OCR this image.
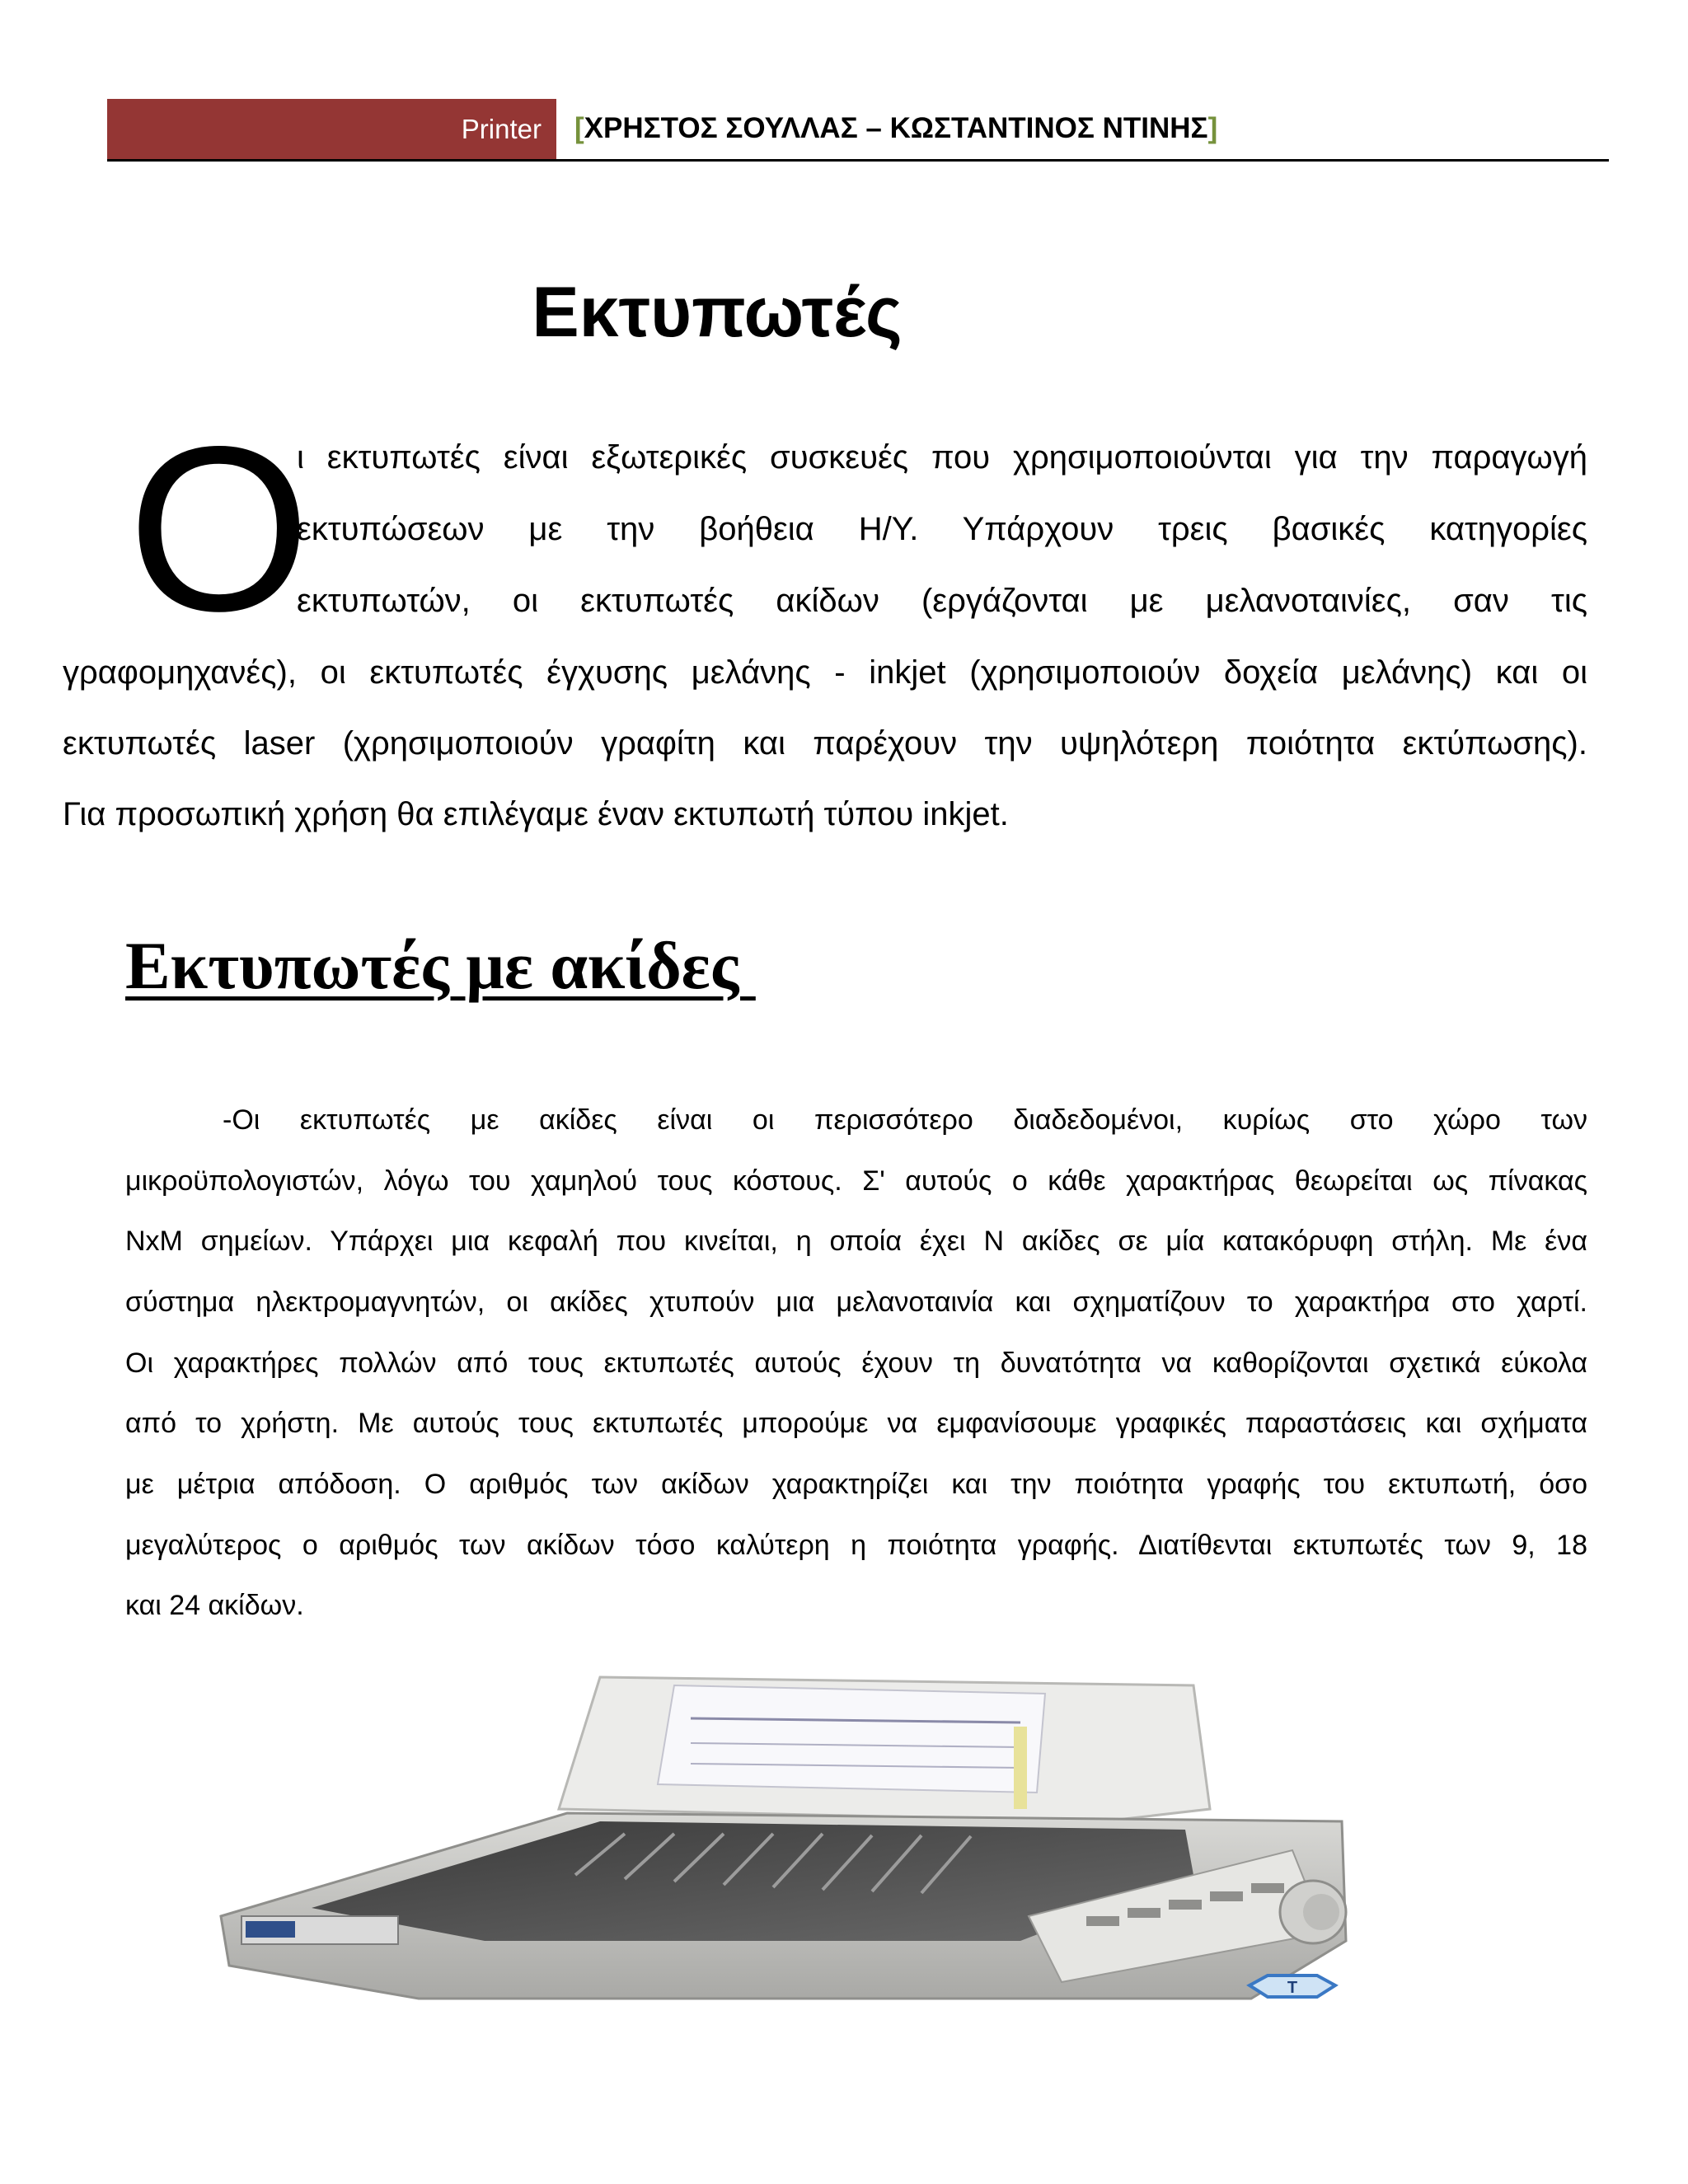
Printer	[ΧΡΗΣΤΟΣ ΣΟΥΛΛΑΣ – ΚΩΣΤΑΝΤΙΝΟΣ ΝΤΙΝΗΣ]
Εκτυπωτές
Ο
ι εκτυπωτές είναι εξωτερικές συσκευές που χρησιμοποιούνται για την παραγωγή
εκτυπώσεων με την βοήθεια Η/Υ. Υπάρχουν τρεις βασικές κατηγορίες
εκτυπωτών, οι εκτυπωτές ακίδων (εργάζονται με μελανοταινίες, σαν τις
γραφομηχανές), οι εκτυπωτές έγχυσης μελάνης - inkjet (χρησιμοποιούν δοχεία μελάνης) και οι
εκτυπωτές laser (χρησιμοποιούν γραφίτη και παρέχουν την υψηλότερη ποιότητα εκτύπωσης).
Για προσωπική χρήση θα επιλέγαμε έναν εκτυπωτή τύπου inkjet.
Εκτυπωτές με ακίδες
-Οι εκτυπωτές με ακίδες είναι οι περισσότερο διαδεδομένοι, κυρίως στο χώρο των
μικροϋπολογιστών, λόγω του χαμηλού τους κόστους. Σ' αυτούς ο κάθε χαρακτήρας θεωρείται ως πίνακας
NxM σημείων. Υπάρχει μια κεφαλή που κινείται, η οποία έχει Ν ακίδες σε μία κατακόρυφη στήλη. Με ένα
σύστημα ηλεκτρομαγνητών, οι ακίδες χτυπούν μια μελανοταινία και σχηματίζουν το χαρακτήρα στο χαρτί.
Οι χαρακτήρες πολλών από τους εκτυπωτές αυτούς έχουν τη δυνατότητα να καθορίζονται σχετικά εύκολα
από το χρήστη. Με αυτούς τους εκτυπωτές μπορούμε να εμφανίσουμε γραφικές παραστάσεις και σχήματα
με μέτρια απόδοση. Ο αριθμός των ακίδων χαρακτηρίζει και την ποιότητα γραφής του εκτυπωτή, όσο
μεγαλύτερος ο αριθμός των ακίδων τόσο καλύτερη η ποιότητα γραφής. Διατίθενται εκτυπωτές των 9, 18
και 24 ακίδων.
T
